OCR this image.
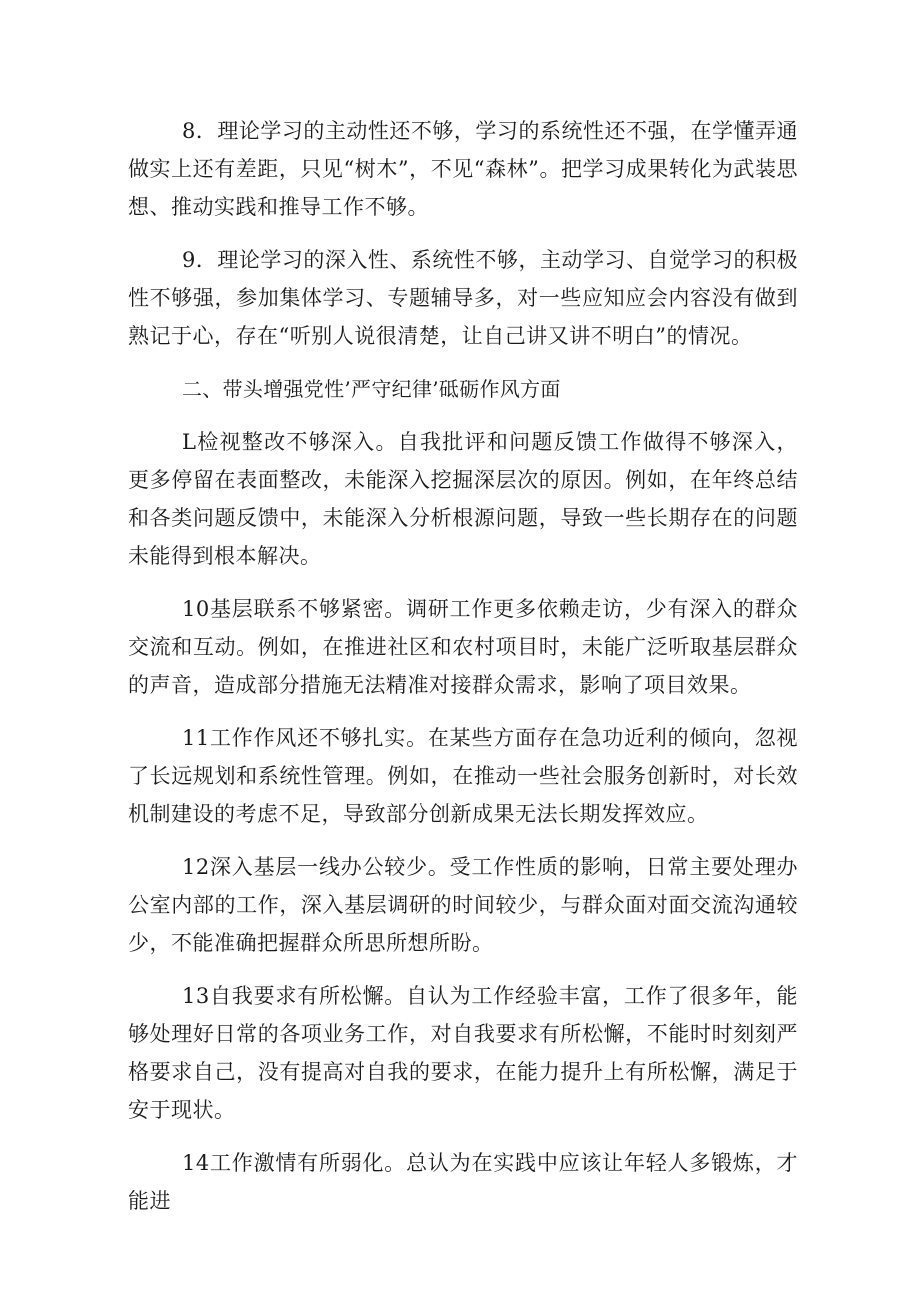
8．理论学习的主动性还不够，学习的系统性还不强，在学懂弄通做实上还有差距，只见“树木”，不见“森林”。把学习成果转化为武装思想、推动实践和推导工作不够。

9．理论学习的深入性、系统性不够，主动学习、自觉学习的积极性不够强，参加集体学习、专题辅导多，对一些应知应会内容没有做到熟记于心，存在“听别人说很清楚，让自己讲又讲不明白”的情况。

二、带头增强党性’严守纪律’砥砺作风方面

L检视整改不够深入。自我批评和问题反馈工作做得不够深入，更多停留在表面整改，未能深入挖掘深层次的原因。例如，在年终总结和各类问题反馈中，未能深入分析根源问题，导致一些长期存在的问题未能得到根本解决。

10基层联系不够紧密。调研工作更多依赖走访，少有深入的群众交流和互动。例如，在推进社区和农村项目时，未能广泛听取基层群众的声音，造成部分措施无法精准对接群众需求，影响了项目效果。

11工作作风还不够扎实。在某些方面存在急功近利的倾向，忽视了长远规划和系统性管理。例如，在推动一些社会服务创新时，对长效机制建设的考虑不足，导致部分创新成果无法长期发挥效应。

12深入基层一线办公较少。受工作性质的影响，日常主要处理办公室内部的工作，深入基层调研的时间较少，与群众面对面交流沟通较少，不能准确把握群众所思所想所盼。

13自我要求有所松懈。自认为工作经验丰富，工作了很多年，能够处理好日常的各项业务工作，对自我要求有所松懈，不能时时刻刻严格要求自己，没有提高对自我的要求，在能力提升上有所松懈，满足于安于现状。

14工作激情有所弱化。总认为在实践中应该让年轻人多锻炼，才能进
